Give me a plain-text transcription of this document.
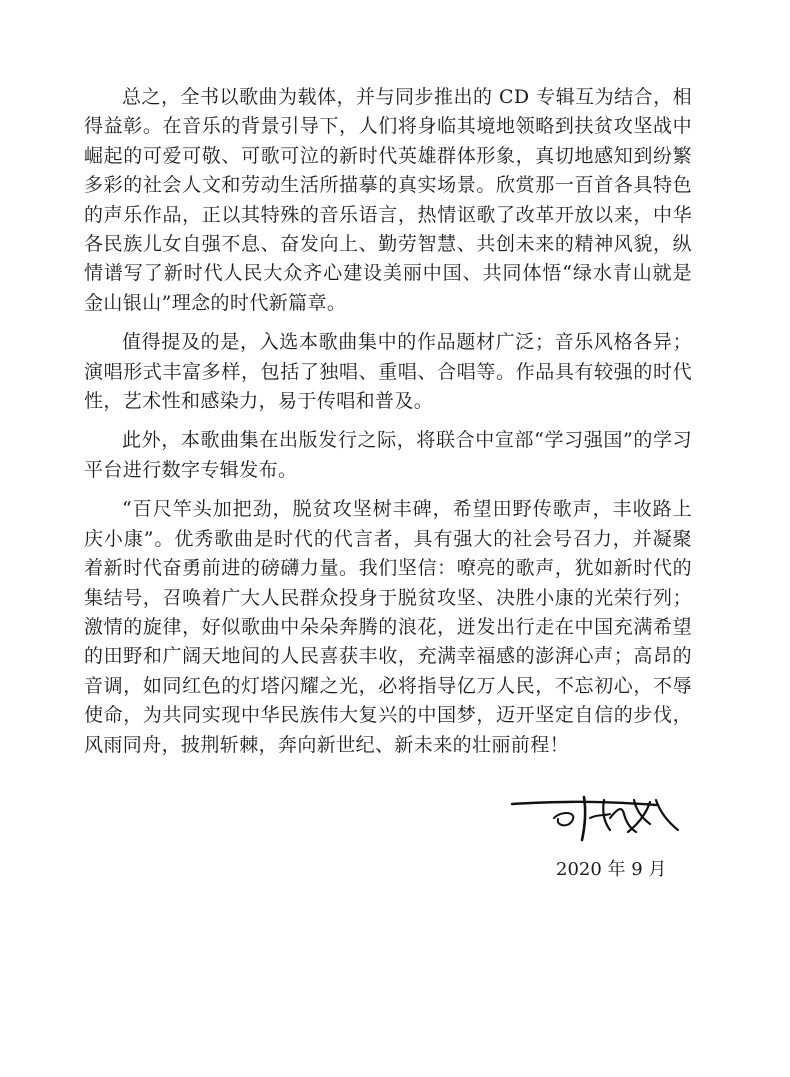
总之，全书以歌曲为载体，并与同步推出的 CD 专辑互为结合，相得益彰。在音乐的背景引导下，人们将身临其境地领略到扶贫攻坚战中崛起的可爱可敬、可歌可泣的新时代英雄群体形象，真切地感知到纷繁多彩的社会人文和劳动生活所描摹的真实场景。欣赏那一百首各具特色的声乐作品，正以其特殊的音乐语言，热情讴歌了改革开放以来，中华各民族儿女自强不息、奋发向上、勤劳智慧、共创未来的精神风貌，纵情谱写了新时代人民大众齐心建设美丽中国、共同体悟“绿水青山就是金山银山”理念的时代新篇章。

值得提及的是，入选本歌曲集中的作品题材广泛；音乐风格各异；演唱形式丰富多样，包括了独唱、重唱、合唱等。作品具有较强的时代性，艺术性和感染力，易于传唱和普及。

此外，本歌曲集在出版发行之际，将联合中宣部“学习强国”的学习平台进行数字专辑发布。

“百尺竿头加把劲，脱贫攻坚树丰碑，希望田野传歌声，丰收路上庆小康”。优秀歌曲是时代的代言者，具有强大的社会号召力，并凝聚着新时代奋勇前进的磅礴力量。我们坚信：嘹亮的歌声，犹如新时代的集结号，召唤着广大人民群众投身于脱贫攻坚、决胜小康的光荣行列；激情的旋律，好似歌曲中朵朵奔腾的浪花，迸发出行走在中国充满希望的田野和广阔天地间的人民喜获丰收，充满幸福感的澎湃心声；高昂的音调，如同红色的灯塔闪耀之光，必将指导亿万人民，不忘初心，不辱使命，为共同实现中华民族伟大复兴的中国梦，迈开坚定自信的步伐，风雨同舟，披荆斩棘，奔向新世纪、新未来的壮丽前程！

2020 年 9 月
